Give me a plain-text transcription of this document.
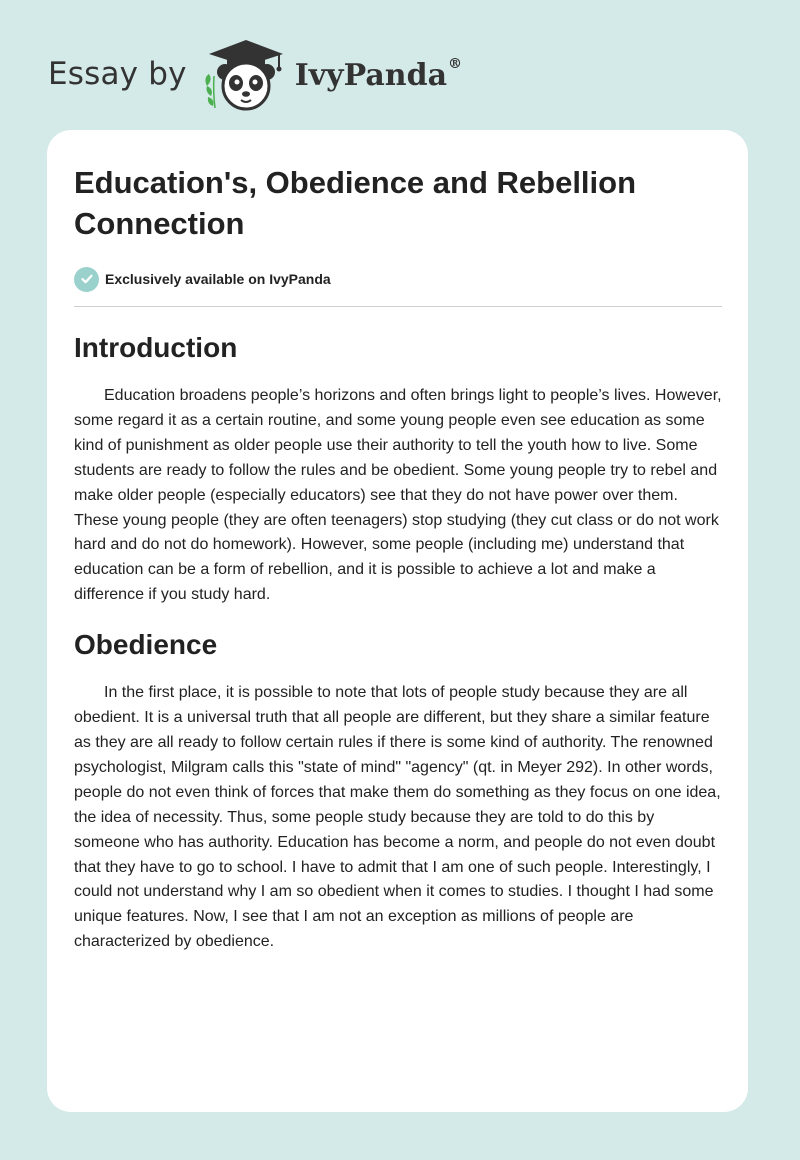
Essay by	IvyPanda®
Education's, Obedience and Rebellion Connection
Exclusively available on IvyPanda
Introduction

Education broadens people’s horizons and often brings light to people’s lives. However, some regard it as a certain routine, and some young people even see education as some kind of punishment as older people use their authority to tell the youth how to live. Some students are ready to follow the rules and be obedient. Some young people try to rebel and make older people (especially educators) see that they do not have power over them. These young people (they are often teenagers) stop studying (they cut class or do not work hard and do not do homework). However, some people (including me) understand that education can be a form of rebellion, and it is possible to achieve a lot and make a difference if you study hard.

Obedience

In the first place, it is possible to note that lots of people study because they are all obedient. It is a universal truth that all people are different, but they share a similar feature as they are all ready to follow certain rules if there is some kind of authority. The renowned psychologist, Milgram calls this "state of mind" "agency" (qt. in Meyer 292). In other words, people do not even think of forces that make them do something as they focus on one idea, the idea of necessity. Thus, some people study because they are told to do this by someone who has authority. Education has become a norm, and people do not even doubt that they have to go to school. I have to admit that I am one of such people. Interestingly, I could not understand why I am so obedient when it comes to studies. I thought I had some unique features. Now, I see that I am not an exception as millions of people are characterized by obedience.
